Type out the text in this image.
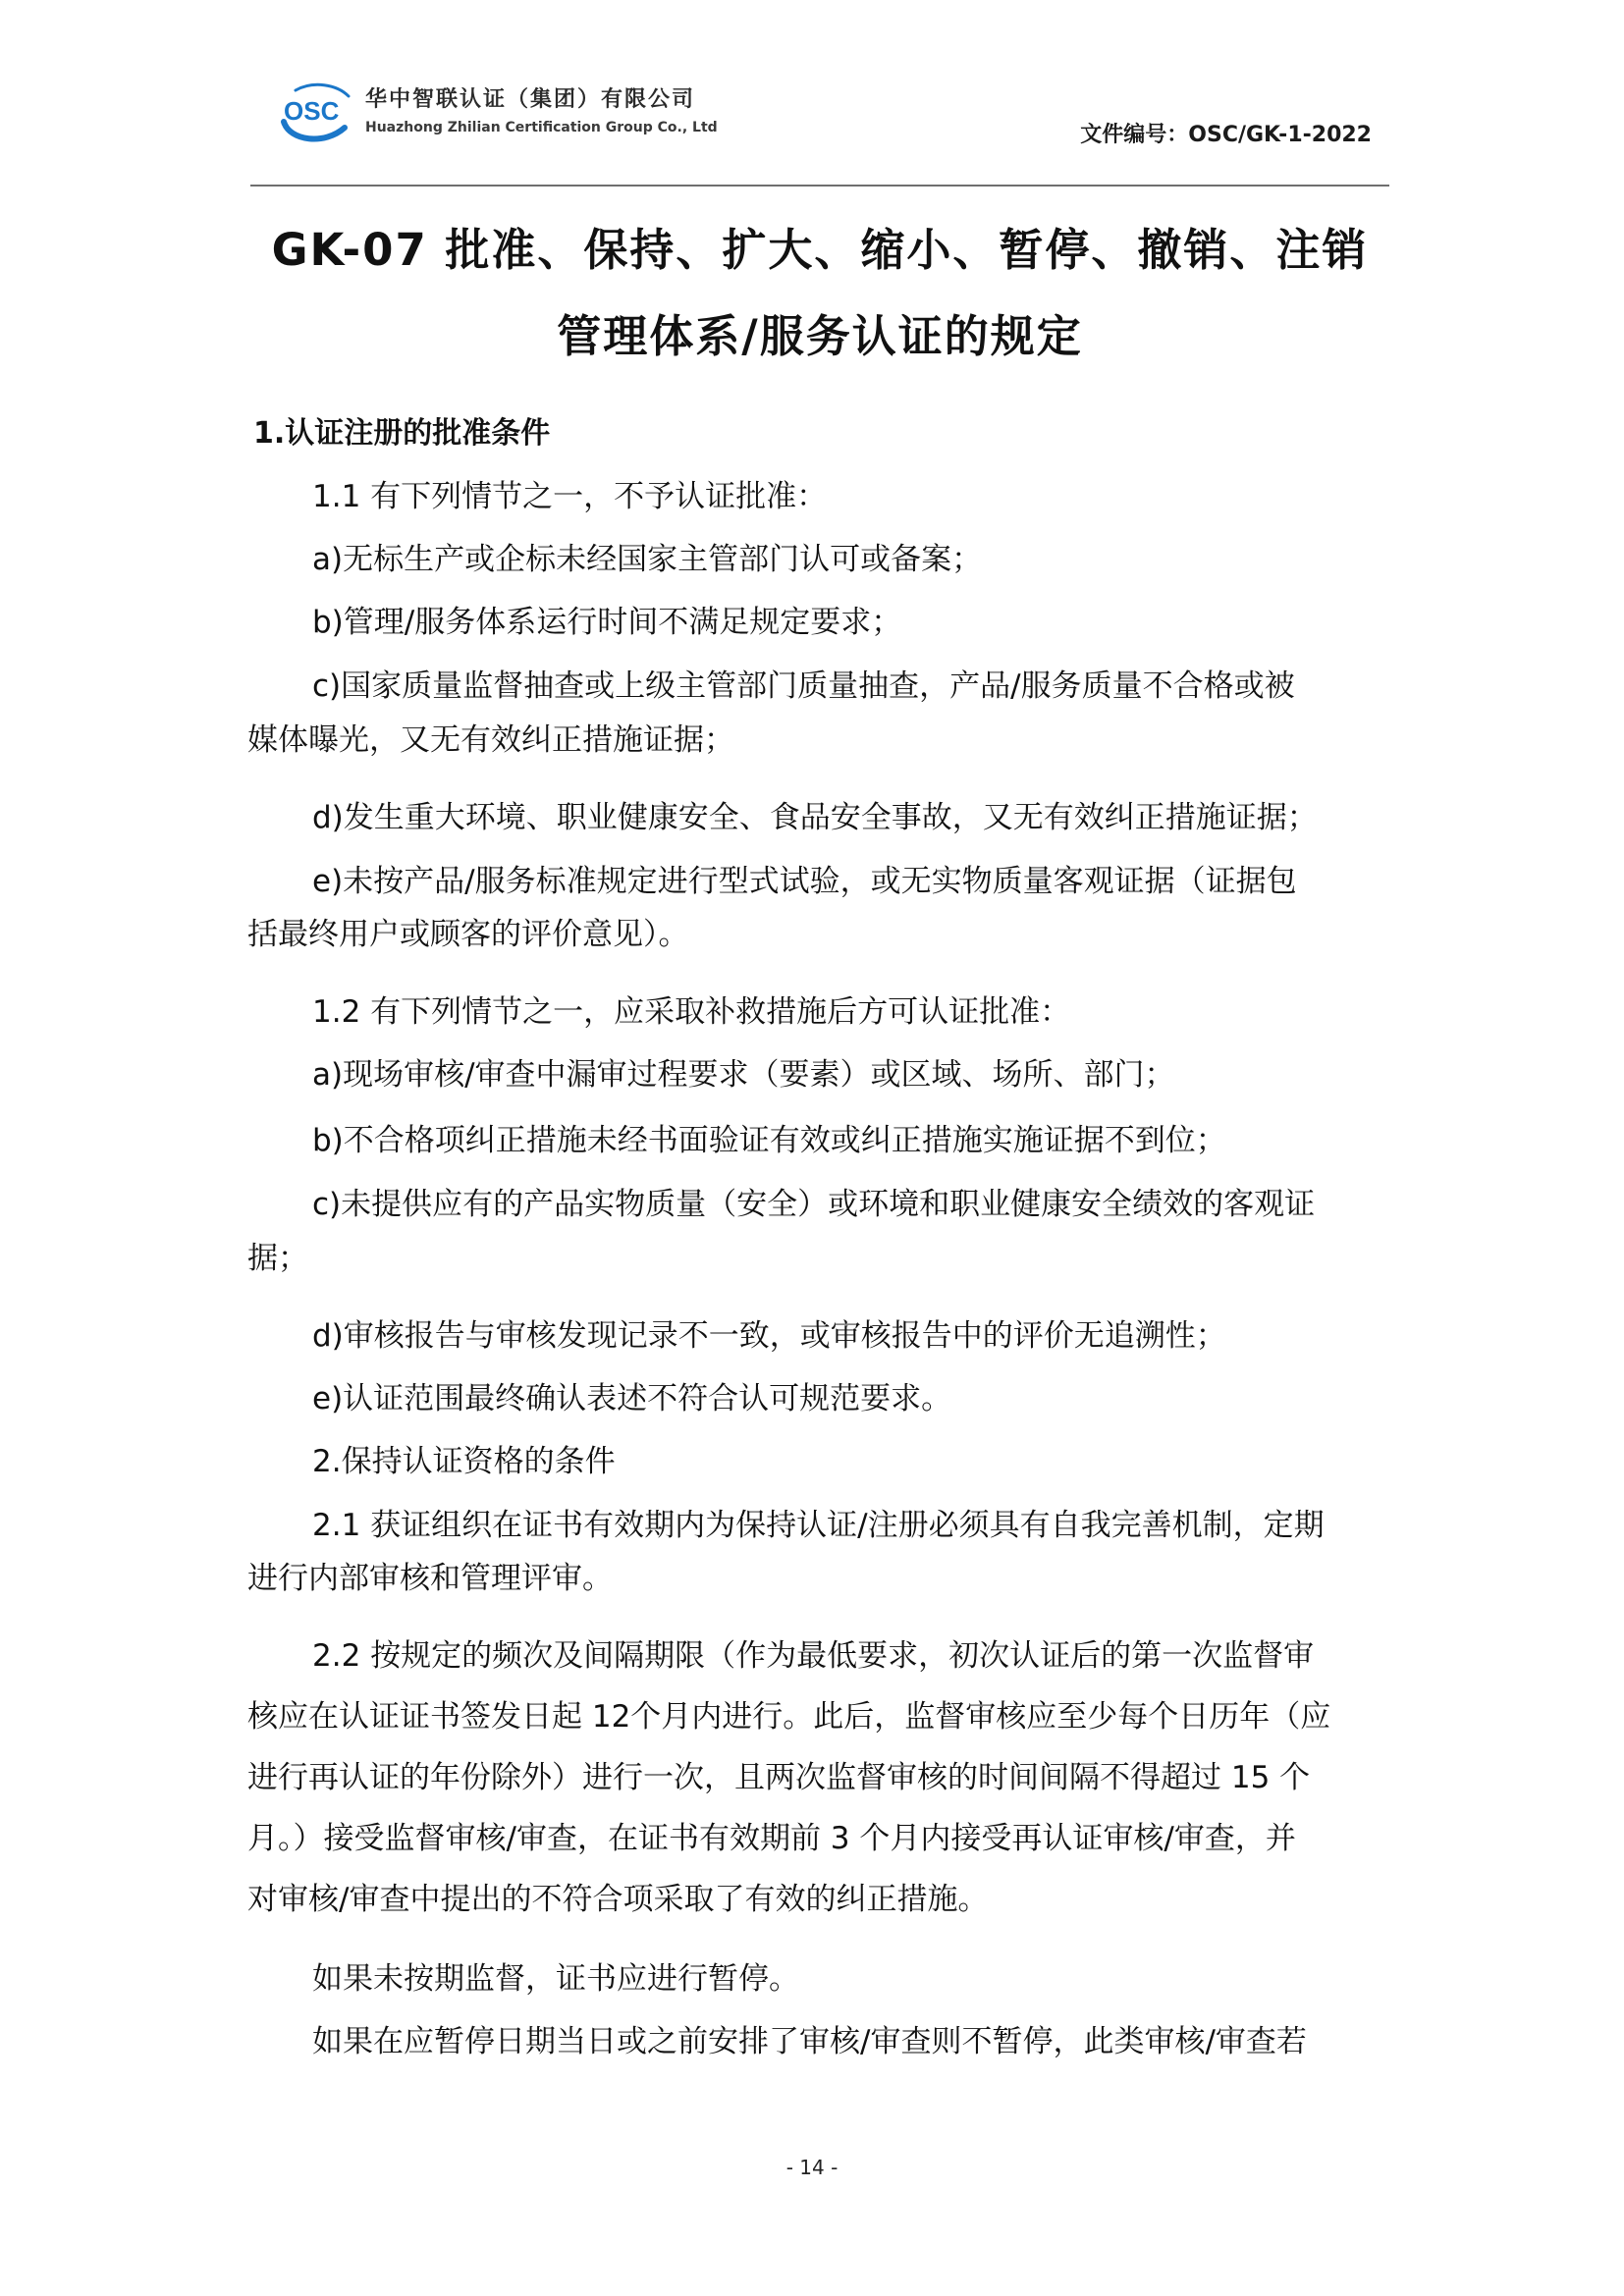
OSC 华中智联认证（集团）有限公司
Huazhong Zhilian Certification Group Co., Ltd	文件编号：OSC/GK-1-2022
GK-07 批准、保持、扩大、缩小、暂停、撤销、注销
管理体系/服务认证的规定
1.认证注册的批准条件
1.1 有下列情节之一，不予认证批准：
a)无标生产或企标未经国家主管部门认可或备案；
b)管理/服务体系运行时间不满足规定要求；
c)国家质量监督抽查或上级主管部门质量抽查，产品/服务质量不合格或被
媒体曝光，又无有效纠正措施证据；
d)发生重大环境、职业健康安全、食品安全事故，又无有效纠正措施证据；
e)未按产品/服务标准规定进行型式试验，或无实物质量客观证据（证据包
括最终用户或顾客的评价意见）。
1.2 有下列情节之一，应采取补救措施后方可认证批准：
a)现场审核/审查中漏审过程要求（要素）或区域、场所、部门；
b)不合格项纠正措施未经书面验证有效或纠正措施实施证据不到位；
c)未提供应有的产品实物质量（安全）或环境和职业健康安全绩效的客观证
据；
d)审核报告与审核发现记录不一致，或审核报告中的评价无追溯性；
e)认证范围最终确认表述不符合认可规范要求。
2.保持认证资格的条件
2.1 获证组织在证书有效期内为保持认证/注册必须具有自我完善机制，定期
进行内部审核和管理评审。
2.2 按规定的频次及间隔期限（作为最低要求，初次认证后的第一次监督审
核应在认证证书签发日起 12个月内进行。此后，监督审核应至少每个日历年（应
进行再认证的年份除外）进行一次，且两次监督审核的时间间隔不得超过 15 个
月。）接受监督审核/审查，在证书有效期前 3 个月内接受再认证审核/审查，并
对审核/审查中提出的不符合项采取了有效的纠正措施。
如果未按期监督，证书应进行暂停。
如果在应暂停日期当日或之前安排了审核/审查则不暂停，此类审核/审查若
- 14 -
